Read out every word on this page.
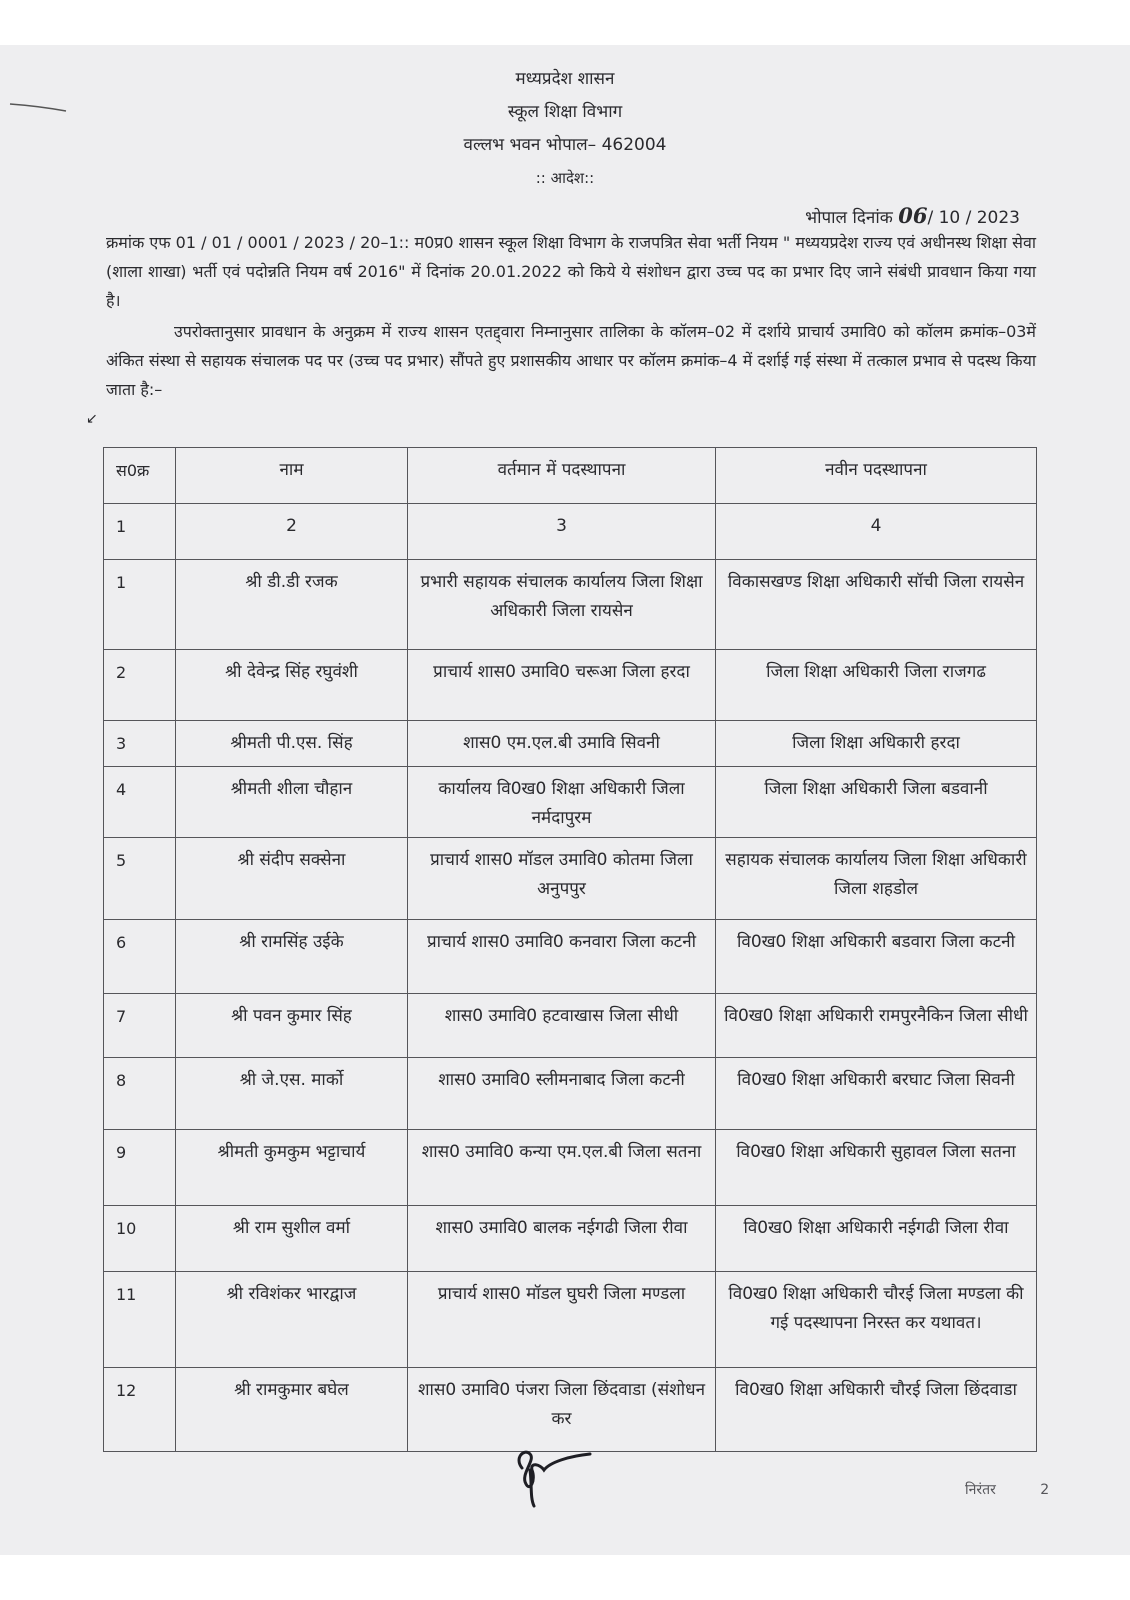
मध्यप्रदेश शासन
स्कूल शिक्षा विभाग
वल्लभ भवन भोपाल– 462004
:: आदेश::
भोपाल दिनांक 06/ 10 / 2023
क्रमांक एफ 01 / 01 / 0001 / 2023 / 20–1:: म0प्र0 शासन स्कूल शिक्षा विभाग के राजपत्रित सेवा भर्ती नियम " मध्ययप्रदेश राज्य एवं अधीनस्थ शिक्षा सेवा (शाला शाखा) भर्ती एवं पदोन्नति नियम वर्ष 2016" में दिनांक 20.01.2022 को किये ये संशोधन द्वारा उच्च पद का प्रभार दिए जाने संबंधी प्रावधान किया गया है।
उपरोक्तानुसार प्रावधान के अनुक्रम में राज्य शासन एतद्द्वारा निम्नानुसार तालिका के कॉलम–02 में दर्शाये प्राचार्य उमावि0 को कॉलम क्रमांक–03में अंकित संस्था से सहायक संचालक पद पर (उच्च पद प्रभार) सौंपते हुए प्रशासकीय आधार पर कॉलम क्रमांक–4 में दर्शाई गई संस्था में तत्काल प्रभाव से पदस्थ किया जाता है:–
↙
स0क्र	नाम	वर्तमान में पदस्थापना	नवीन पदस्थापना
1	2	3	4
1	श्री डी.डी रजक	प्रभारी सहायक संचालक कार्यालय जिला शिक्षा अधिकारी जिला रायसेन	विकासखण्ड शिक्षा अधिकारी सॉची जिला रायसेन
2	श्री देवेन्द्र सिंह रघुवंशी	प्राचार्य शास0 उमावि0 चरूआ जिला हरदा	जिला शिक्षा अधिकारी जिला राजगढ
3	श्रीमती पी.एस. सिंह	शास0 एम.एल.बी उमावि सिवनी	जिला शिक्षा अधिकारी हरदा
4	श्रीमती शीला चौहान	कार्यालय वि0ख0 शिक्षा अधिकारी जिला नर्मदापुरम	जिला शिक्षा अधिकारी जिला बडवानी
5	श्री संदीप सक्सेना	प्राचार्य शास0 मॉडल उमावि0 कोतमा जिला अनुपपुर	सहायक संचालक कार्यालय जिला शिक्षा अधिकारी जिला शहडोल
6	श्री रामसिंह उईके	प्राचार्य शास0 उमावि0 कनवारा जिला कटनी	वि0ख0 शिक्षा अधिकारी बडवारा जिला कटनी
7	श्री पवन कुमार सिंह	शास0 उमावि0 हटवाखास जिला सीधी	वि0ख0 शिक्षा अधिकारी रामपुरनैकिन जिला सीधी
8	श्री जे.एस. मार्को	शास0 उमावि0 स्लीमनाबाद जिला कटनी	वि0ख0 शिक्षा अधिकारी बरघाट जिला सिवनी
9	श्रीमती कुमकुम भट्टाचार्य	शास0 उमावि0 कन्या एम.एल.बी जिला सतना	वि0ख0 शिक्षा अधिकारी सुहावल जिला सतना
10	श्री राम सुशील वर्मा	शास0 उमावि0 बालक नईगढी जिला रीवा	वि0ख0 शिक्षा अधिकारी नईगढी जिला रीवा
11	श्री रविशंकर भारद्वाज	प्राचार्य शास0 मॉडल घुघरी जिला मण्डला	वि0ख0 शिक्षा अधिकारी चौरई जिला मण्डला की गई पदस्थापना निरस्त कर यथावत।
12	श्री रामकुमार बघेल	शास0 उमावि0 पंजरा जिला छिंदवाडा (संशोधन कर	वि0ख0 शिक्षा अधिकारी चौरई जिला छिंदवाडा
निरंतर	2
